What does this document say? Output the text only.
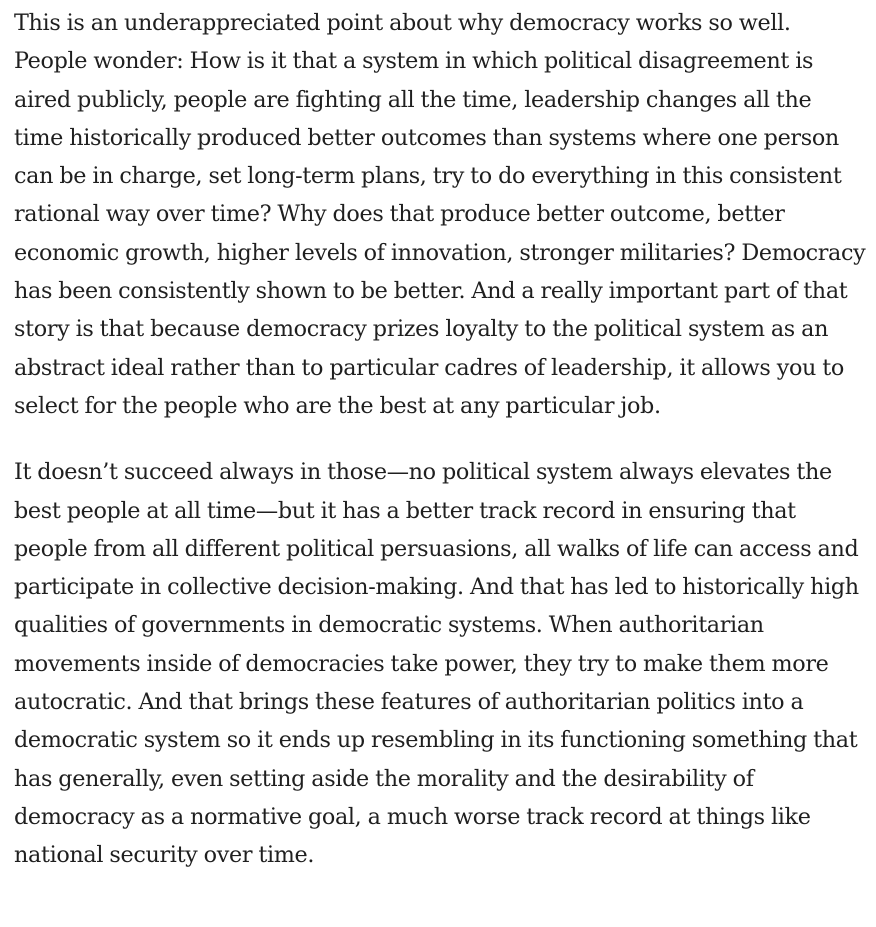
This is an underappreciated point about why democracy works so well. People wonder: How is it that a system in which political disagreement is aired publicly, people are fighting all the time, leadership changes all the time historically produced better outcomes than systems where one person can be in charge, set long-term plans, try to do everything in this consistent rational way over time? Why does that produce better outcome, better economic growth, higher levels of innovation, stronger militaries? Democracy has been consistently shown to be better. And a really important part of that story is that because democracy prizes loyalty to the political system as an abstract ideal rather than to particular cadres of leadership, it allows you to select for the people who are the best at any particular job.

It doesn’t succeed always in those—no political system always elevates the best people at all time—but it has a better track record in ensuring that people from all different political persuasions, all walks of life can access and participate in collective decision-making. And that has led to historically high qualities of governments in democratic systems. When authoritarian movements inside of democracies take power, they try to make them more autocratic. And that brings these features of authoritarian politics into a democratic system so it ends up resembling in its functioning something that has generally, even setting aside the morality and the desirability of democracy as a normative goal, a much worse track record at things like national security over time.
